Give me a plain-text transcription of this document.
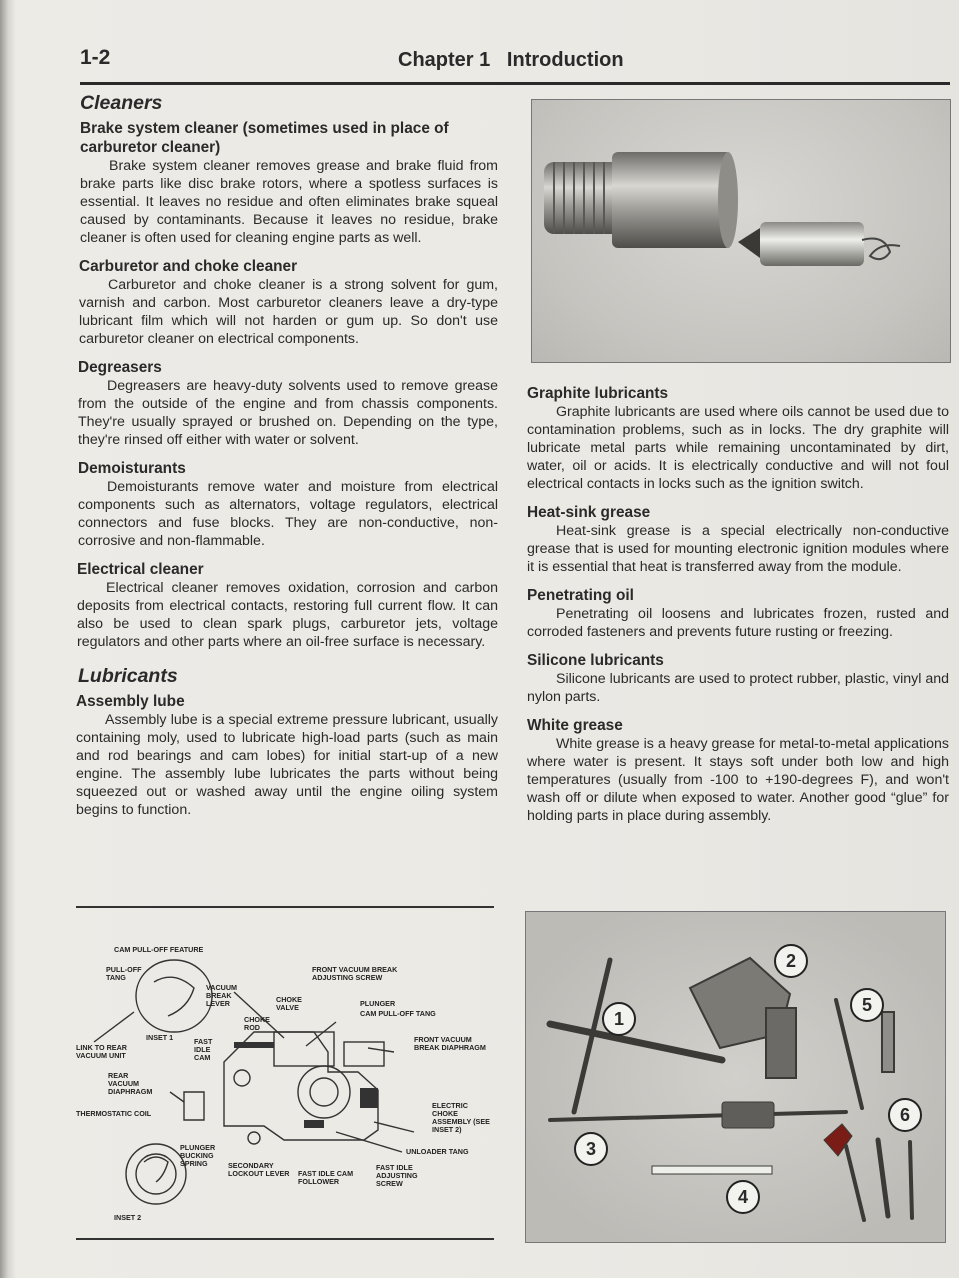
1-2	Chapter 1   Introduction
Cleaners
Brake system cleaner (sometimes used in place of carburetor cleaner)

Brake system cleaner removes grease and brake fluid from brake parts like disc brake rotors, where a spotless surfaces is essential. It leaves no residue and often eliminates brake squeal caused by contaminants. Because it leaves no residue, brake cleaner is often used for cleaning engine parts as well.

Carburetor and choke cleaner

Carburetor and choke cleaner is a strong solvent for gum, varnish and carbon. Most carburetor cleaners leave a dry-type lubricant film which will not harden or gum up. So don't use carburetor cleaner on electrical components.

Degreasers

Degreasers are heavy-duty solvents used to remove grease from the outside of the engine and from chassis components. They're usually sprayed or brushed on. Depending on the type, they're rinsed off either with water or solvent.

Demoisturants

Demoisturants remove water and moisture from electrical components such as alternators, voltage regulators, electrical connectors and fuse blocks. They are non-conductive, non-corrosive and non-flammable.

Electrical cleaner

Electrical cleaner removes oxidation, corrosion and carbon deposits from electrical contacts, restoring full current flow. It can also be used to clean spark plugs, carburetor jets, voltage regulators and other parts where an oil-free surface is necessary.

Lubricants
Assembly lube

Assembly lube is a special extreme pressure lubricant, usually containing moly, used to lubricate high-load parts (such as main and rod bearings and cam lobes) for initial start-up of a new engine. The assembly lube lubricates the parts without being squeezed out or washed away until the engine oiling system begins to function.

Graphite lubricants

Graphite lubricants are used where oils cannot be used due to contamination problems, such as in locks. The dry graphite will lubricate metal parts while remaining uncontaminated by dirt, water, oil or acids. It is electrically conductive and will not foul electrical contacts in locks such as the ignition switch.

Heat-sink grease

Heat-sink grease is a special electrically non-conductive grease that is used for mounting electronic ignition modules where it is essential that heat is transferred away from the module.

Penetrating oil

Penetrating oil loosens and lubricates frozen, rusted and corroded fasteners and prevents future rusting or freezing.

Silicone lubricants

Silicone lubricants are used to protect rubber, plastic, vinyl and nylon parts.

White grease

White grease is a heavy grease for metal-to-metal applications where water is present. It stays soft under both low and high temperatures (usually from -100 to +190-degrees F), and won't wash off or dilute when exposed to water. Another good “glue” for holding parts in place during assembly.

CAM PULL-OFF FEATURE
PULL-OFF TANG
VACUUM BREAK LEVER
FRONT VACUUM BREAK ADJUSTING SCREW
CHOKE VALVE	PLUNGER
CAM PULL-OFF TANG
CHOKE ROD
INSET 1	FAST IDLE CAM
LINK TO REAR VACUUM UNIT
FRONT VACUUM BREAK DIAPHRAGM
REAR VACUUM DIAPHRAGM
ELECTRIC CHOKE ASSEMBLY (SEE INSET 2)
THERMOSTATIC COIL
PLUNGER BUCKING SPRING
UNLOADER TANG
SECONDARY LOCKOUT LEVER FAST IDLE CAM FOLLOWER
FAST IDLE ADJUSTING SCREW
INSET 2
1
2
3
4
5
6
